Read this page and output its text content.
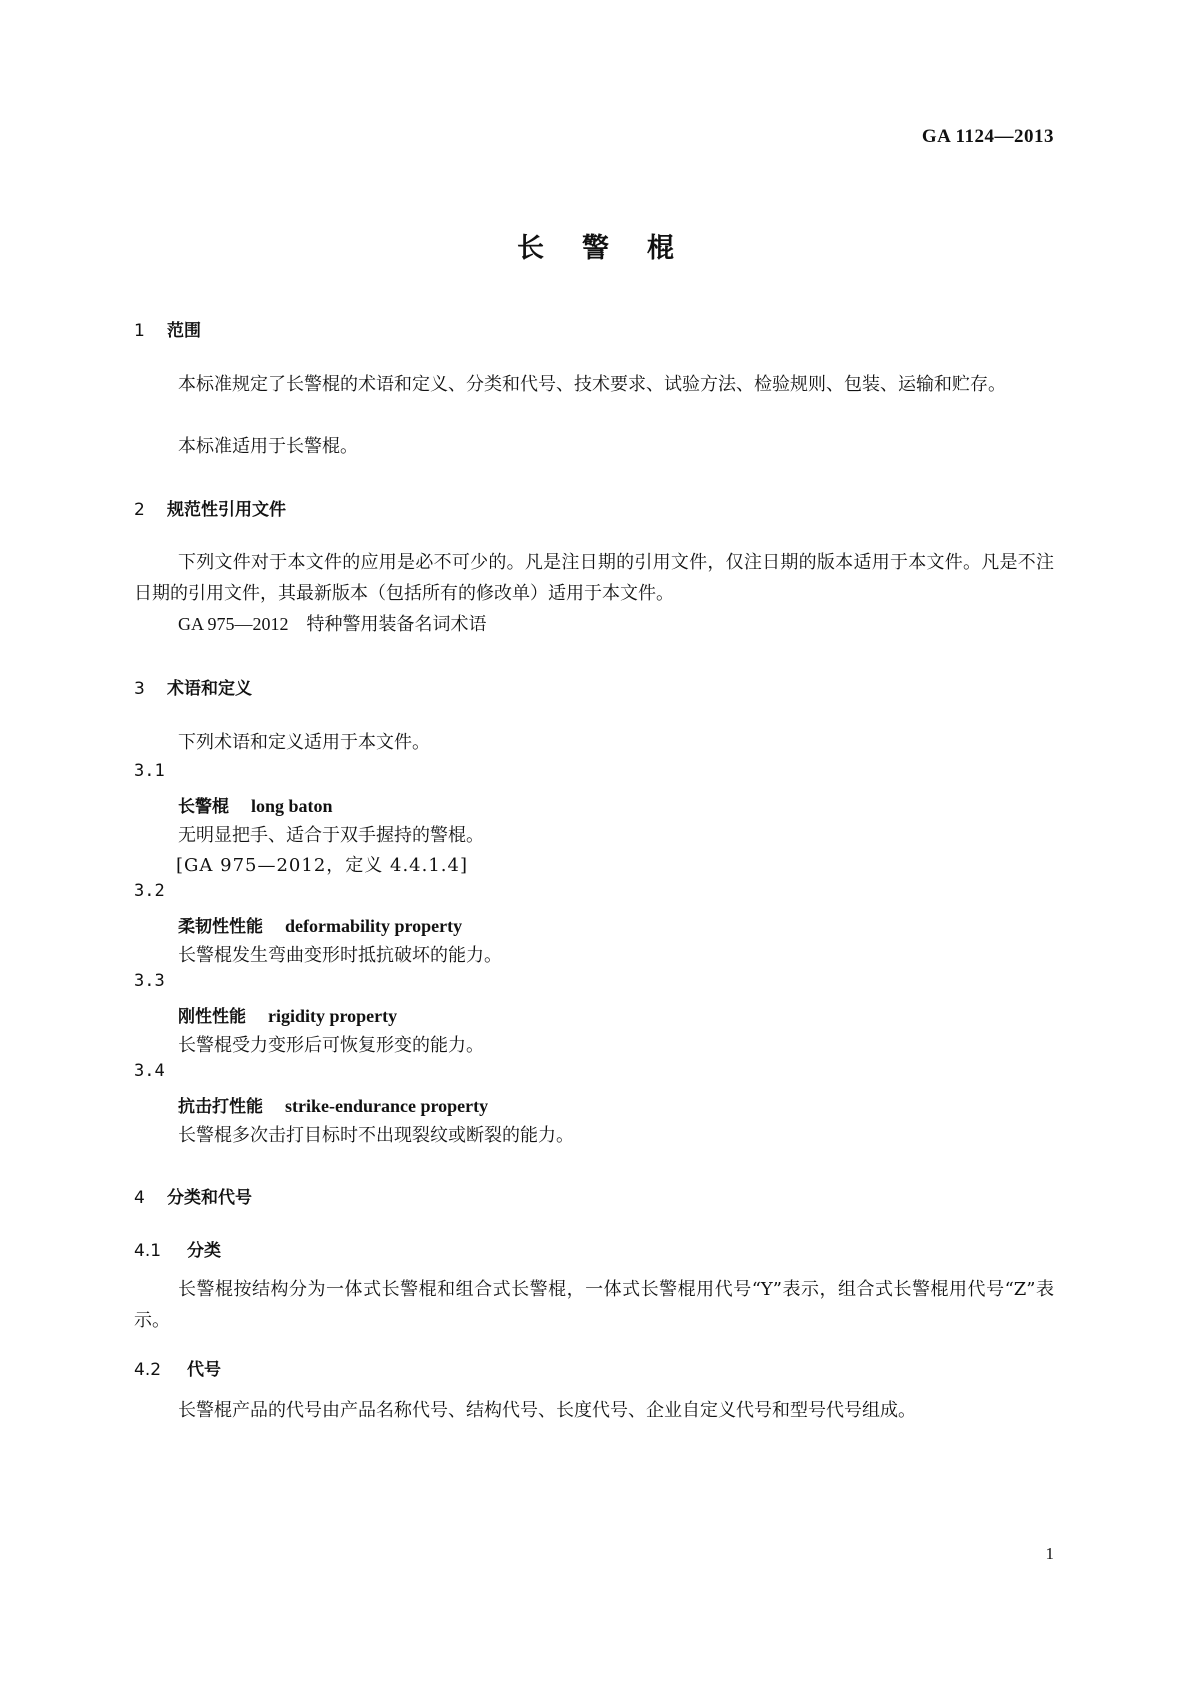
GA 1124—2013
长警棍
1 范围
本标准规定了长警棍的术语和定义、分类和代号、技术要求、试验方法、检验规则、包装、运输和贮存。
本标准适用于长警棍。
2 规范性引用文件
下列文件对于本文件的应用是必不可少的。凡是注日期的引用文件，仅注日期的版本适用于本文件。凡是不注日期的引用文件，其最新版本（包括所有的修改单）适用于本文件。
GA 975—2012　特种警用装备名词术语
3 术语和定义
下列术语和定义适用于本文件。
3.1
长警棍 long baton
无明显把手、适合于双手握持的警棍。
[GA 975—2012，定义 4.4.1.4]
3.2
柔韧性性能 deformability property
长警棍发生弯曲变形时抵抗破坏的能力。
3.3
刚性性能 rigidity property
长警棍受力变形后可恢复形变的能力。
3.4
抗击打性能 strike-endurance property
长警棍多次击打目标时不出现裂纹或断裂的能力。
4 分类和代号
4.1 分类
长警棍按结构分为一体式长警棍和组合式长警棍，一体式长警棍用代号“Y”表示，组合式长警棍用代号“Z”表示。
4.2 代号
长警棍产品的代号由产品名称代号、结构代号、长度代号、企业自定义代号和型号代号组成。
1
